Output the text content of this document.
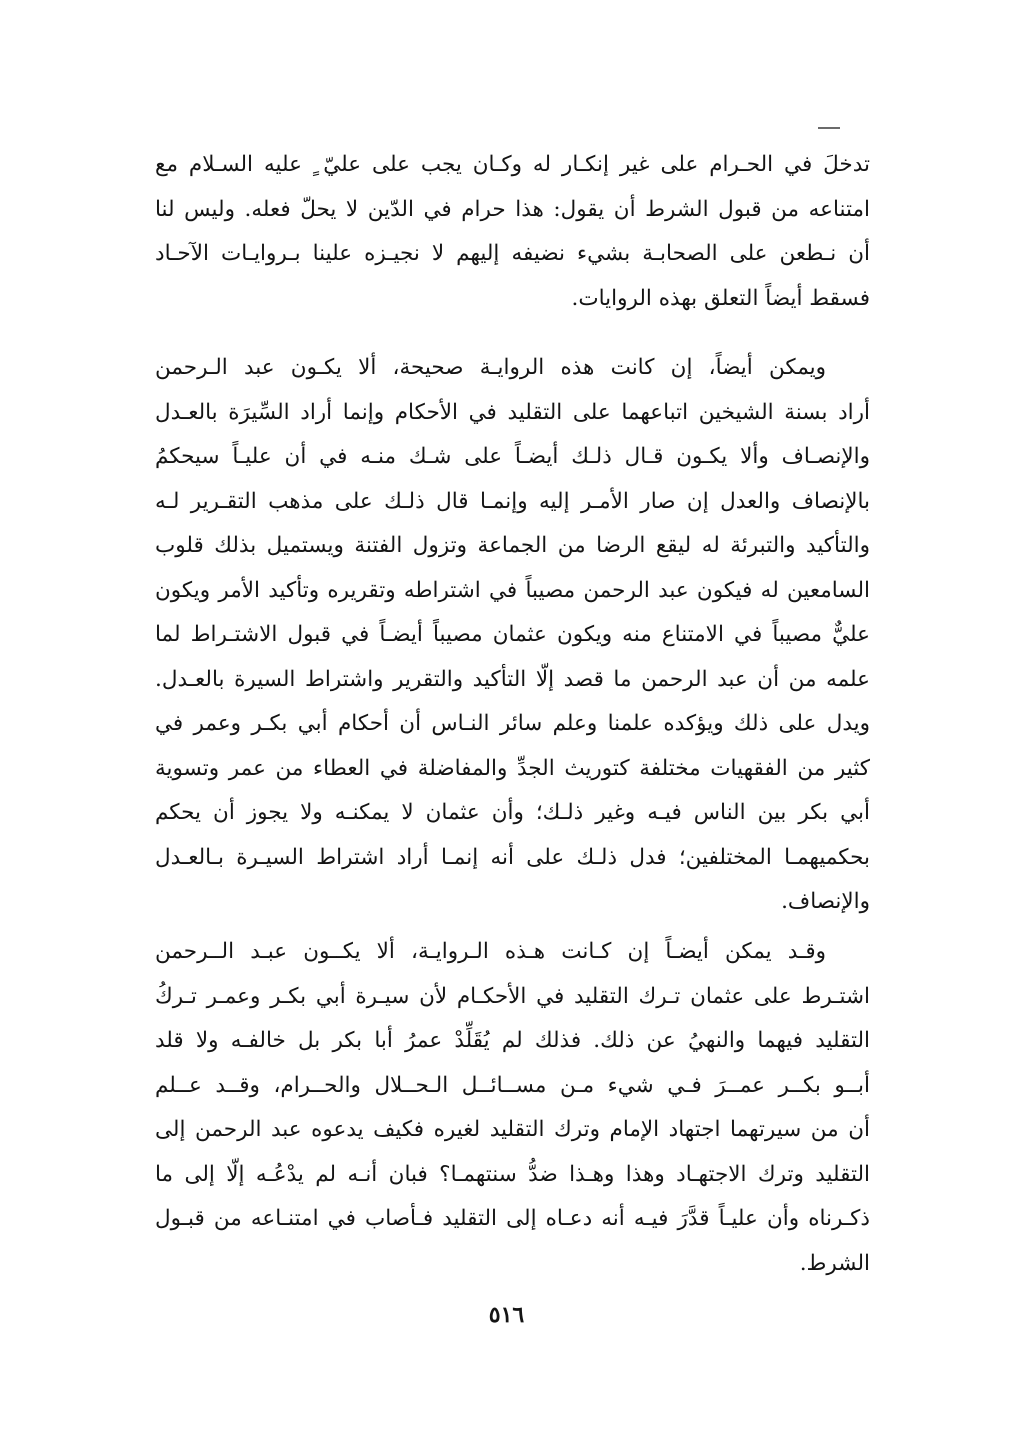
تدخلَ في الحـرام على غير إنكـار له وكـان يجب على عليّ ٍ عليه السـلام مع
امتناعه من قبول الشرط أن يقول: هذا حرام في الدّين لا يحلّ فعله. وليس لنا
أن نـطعن على الصحابـة بشيء نضيفه إليهم لا نجيـزه علينا بـروايـات الآحـاد
فسقط أيضاً التعلق بهذه الروايات.
ويمكن أيضاً، إن كانت هذه الروايـة صحيحة، ألا يكـون عبد الـرحمن
أراد بسنة الشيخين اتباعهما على التقليد في الأحكام وإنما أراد السِّيرَة بالعـدل
والإنصـاف وألا يكـون قـال ذلـك أيضـاً على شـك منـه في أن عليـاً سيحكمُ
بالإنصاف والعدل إن صار الأمـر إليه وإنمـا قال ذلـك على مذهب التقـرير لـه
والتأكيد والتبرئة له ليقع الرضا من الجماعة وتزول الفتنة ويستميل بذلك قلوب
السامعين له فيكون عبد الرحمن مصيباً في اشتراطه وتقريره وتأكيد الأمر ويكون
عليٌّ مصيباً في الامتناع منه ويكون عثمان مصيباً أيضـاً في قبول الاشتـراط لما
علمه من أن عبد الرحمن ما قصد إلّا التأكيد والتقرير واشتراط السيرة بالعـدل.
ويدل على ذلك ويؤكده علمنا وعلم سائر النـاس أن أحكام أبي بكـر وعمر في
كثير من الفقهيات مختلفة كتوريث الجدِّ والمفاضلة في العطاء من عمر وتسوية
أبي بكر بين الناس فيـه وغير ذلـك؛ وأن عثمان لا يمكنـه ولا يجوز أن يحكم
بحكميهمـا المختلفين؛ فدل ذلـك على أنه إنمـا أراد اشتراط السيـرة بـالعـدل
والإنصاف.
وقـد يمكن أيضـاً إن كـانت هـذه الـروايـة، ألا يكــون عبـد الــرحمن
اشتـرط على عثمان تـرك التقليد في الأحكـام لأن سيـرة أبي بكـر وعمـر تـركُ
التقليد فيهما والنهيُ عن ذلك. فذلك لم يُقَلِّدْ عمرُ أبا بكر بل خالفـه ولا قلد
أبــو بكــر عمــرَ فـي شيء مـن مســائــل الـحــلال والحــرام، وقــد عــلم
أن من سيرتهما اجتهاد الإمام وترك التقليد لغيره فكيف يدعوه عبد الرحمن إلى
التقليد وترك الاجتهـاد وهذا وهـذا ضدُّ سنتهمـا؟ فبان أنـه لم يدْعُـه إلّا إلى ما
ذكـرناه وأن عليـاً قدَّرَ فيـه أنه دعـاه إلى التقليد فـأصاب في امتنـاعه من قبـول
الشرط.
٥١٦
